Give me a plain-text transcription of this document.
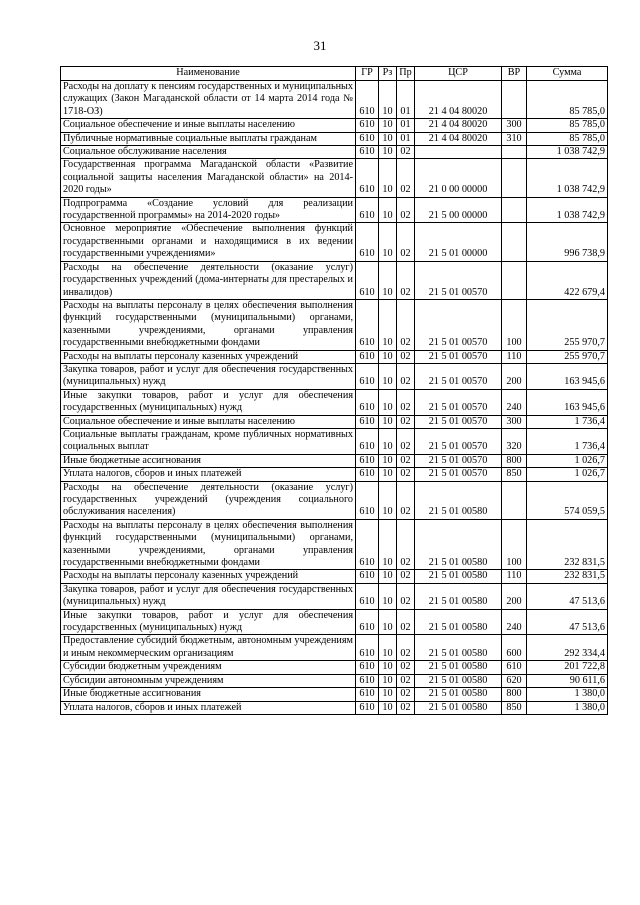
31
Наименование	ГР	Рз	Пр	ЦСР	ВР	Сумма
Расходы на доплату к пенсиям государственных и муниципальных служащих (Закон Магаданской области от 14 марта 2014 года № 1718-ОЗ)	610	10	01	21 4 04 80020		85 785,0
Социальное обеспечение и иные выплаты населению	610	10	01	21 4 04 80020	300	85 785,0
Публичные нормативные социальные выплаты гражданам	610	10	01	21 4 04 80020	310	85 785,0
Социальное обслуживание населения	610	10	02			1 038 742,9
Государственная программа Магаданской области «Развитие социальной защиты населения Магаданской области» на 2014-2020 годы»	610	10	02	21 0 00 00000		1 038 742,9
Подпрограмма «Создание условий для реализации государственной программы» на 2014-2020 годы»	610	10	02	21 5 00 00000		1 038 742,9
Основное мероприятие «Обеспечение выполнения функций государственными органами и находящимися в их ведении государственными учреждениями»	610	10	02	21 5 01 00000		996 738,9
Расходы на обеспечение деятельности (оказание услуг) государственных учреждений (дома-интернаты для престарелых и инвалидов)	610	10	02	21 5 01 00570		422 679,4
Расходы на выплаты персоналу в целях обеспечения выполнения функций государственными (муниципальными) органами, казенными учреждениями, органами управления государственными внебюджетными фондами	610	10	02	21 5 01 00570	100	255 970,7
Расходы на выплаты персоналу казенных учреждений	610	10	02	21 5 01 00570	110	255 970,7
Закупка товаров, работ и услуг для обеспечения государственных (муниципальных) нужд	610	10	02	21 5 01 00570	200	163 945,6
Иные закупки товаров, работ и услуг для обеспечения государственных (муниципальных) нужд	610	10	02	21 5 01 00570	240	163 945,6
Социальное обеспечение и иные выплаты населению	610	10	02	21 5 01 00570	300	1 736,4
Социальные выплаты гражданам, кроме публичных нормативных социальных выплат	610	10	02	21 5 01 00570	320	1 736,4
Иные бюджетные ассигнования	610	10	02	21 5 01 00570	800	1 026,7
Уплата налогов, сборов и иных платежей	610	10	02	21 5 01 00570	850	1 026,7
Расходы на обеспечение деятельности (оказание услуг) государственных учреждений (учреждения социального обслуживания населения)	610	10	02	21 5 01 00580		574 059,5
Расходы на выплаты персоналу в целях обеспечения выполнения функций государственными (муниципальными) органами, казенными учреждениями, органами управления государственными внебюджетными фондами	610	10	02	21 5 01 00580	100	232 831,5
Расходы на выплаты персоналу казенных учреждений	610	10	02	21 5 01 00580	110	232 831,5
Закупка товаров, работ и услуг для обеспечения государственных (муниципальных) нужд	610	10	02	21 5 01 00580	200	47 513,6
Иные закупки товаров, работ и услуг для обеспечения государственных (муниципальных) нужд	610	10	02	21 5 01 00580	240	47 513,6
Предоставление субсидий бюджетным, автономным учреждениям и иным некоммерческим организациям	610	10	02	21 5 01 00580	600	292 334,4
Субсидии бюджетным учреждениям	610	10	02	21 5 01 00580	610	201 722,8
Субсидии автономным учреждениям	610	10	02	21 5 01 00580	620	90 611,6
Иные бюджетные ассигнования	610	10	02	21 5 01 00580	800	1 380,0
Уплата налогов, сборов и иных платежей	610	10	02	21 5 01 00580	850	1 380,0
